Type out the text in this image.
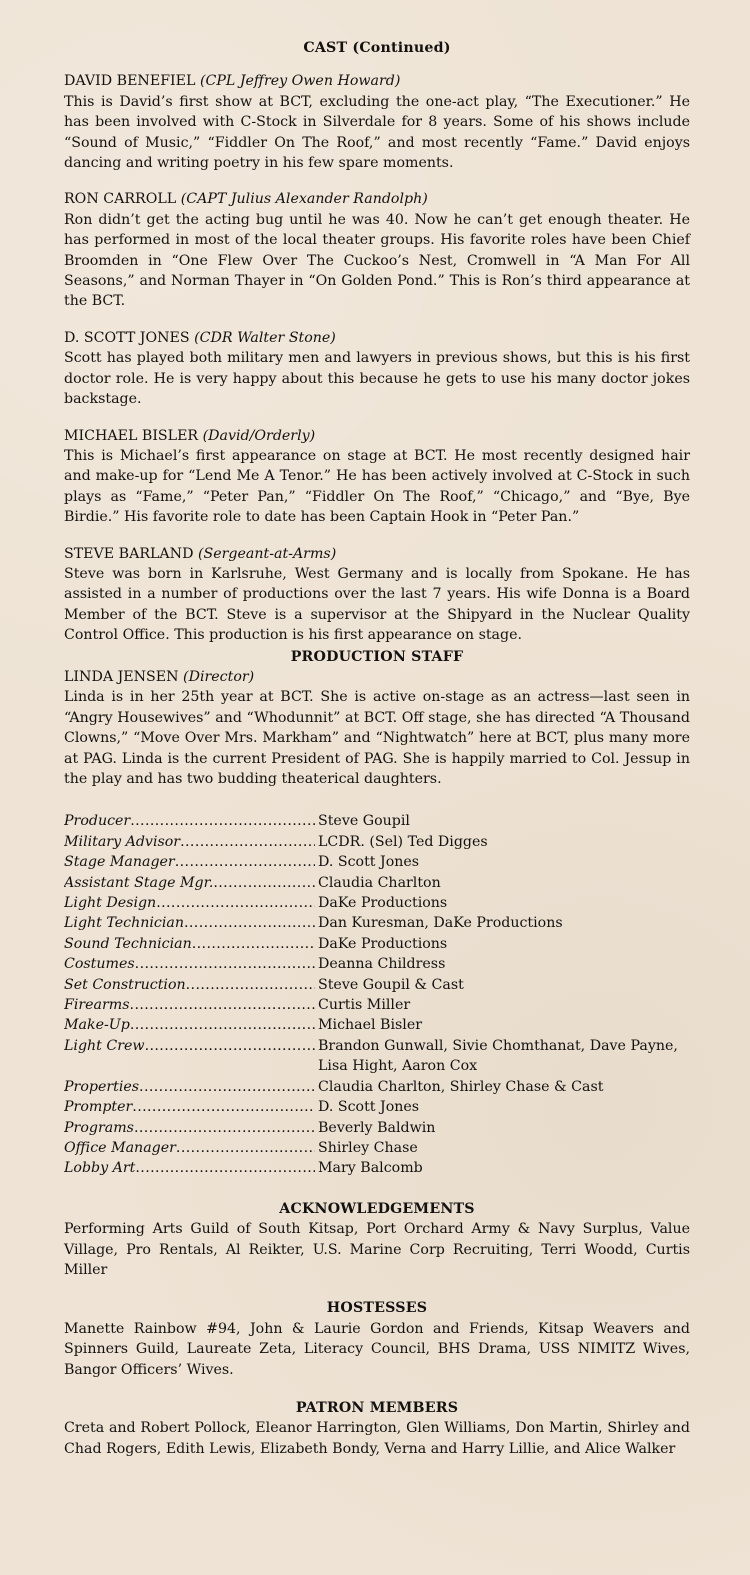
CAST (Continued)
DAVID BENEFIEL (CPL Jeffrey Owen Howard)
This is David’s first show at BCT, excluding the one-act play, “The Executioner.” He has been involved with C-Stock in Silverdale for 8 years. Some of his shows include “Sound of Music,” “Fiddler On The Roof,” and most recently “Fame.” David enjoys dancing and writing poetry in his few spare moments.
RON CARROLL (CAPT Julius Alexander Randolph)
Ron didn’t get the acting bug until he was 40. Now he can’t get enough theater. He has performed in most of the local theater groups. His favorite roles have been Chief Broomden in “One Flew Over The Cuckoo’s Nest, Cromwell in “A Man For All Seasons,” and Norman Thayer in “On Golden Pond.” This is Ron’s third appearance at the BCT.
D. SCOTT JONES (CDR Walter Stone)
Scott has played both military men and lawyers in previous shows, but this is his first doctor role. He is very happy about this because he gets to use his many doctor jokes backstage.
MICHAEL BISLER (David/Orderly)
This is Michael’s first appearance on stage at BCT. He most recently designed hair and make-up for “Lend Me A Tenor.” He has been actively involved at C-Stock in such plays as “Fame,” “Peter Pan,” “Fiddler On The Roof,” “Chicago,” and “Bye, Bye Birdie.” His favorite role to date has been Captain Hook in “Peter Pan.”
STEVE BARLAND (Sergeant-at-Arms)
Steve was born in Karlsruhe, West Germany and is locally from Spokane. He has assisted in a number of productions over the last 7 years. His wife Donna is a Board Member of the BCT. Steve is a supervisor at the Shipyard in the Nuclear Quality Control Office. This production is his first appearance on stage.
PRODUCTION STAFF
LINDA JENSEN (Director)
Linda is in her 25th year at BCT. She is active on-stage as an actress—last seen in “Angry Housewives” and “Whodunnit” at BCT. Off stage, she has directed “A Thousand Clowns,” “Move Over Mrs. Markham” and “Nightwatch” here at BCT, plus many more at PAG. Linda is the current President of PAG. She is happily married to Col. Jessup in the play and has two budding theaterical daughters.
Producer .....	Steve Goupil
Military Advisor .....	LCDR. (Sel) Ted Digges
Stage Manager .....	D. Scott Jones
Assistant Stage Mgr. .....	Claudia Charlton
Light Design .....	DaKe Productions
Light Technician .....	Dan Kuresman, DaKe Productions
Sound Technician .....	DaKe Productions
Costumes .....	Deanna Childress
Set Construction .....	Steve Goupil & Cast
Firearms .....	Curtis Miller
Make-Up .....	Michael Bisler
Light Crew .....	Brandon Gunwall, Sivie Chomthanat, Dave Payne, Lisa Hight, Aaron Cox
Properties .....	Claudia Charlton, Shirley Chase & Cast
Prompter .....	D. Scott Jones
Programs .....	Beverly Baldwin
Office Manager .....	Shirley Chase
Lobby Art .....	Mary Balcomb
ACKNOWLEDGEMENTS

Performing Arts Guild of South Kitsap, Port Orchard Army & Navy Surplus, Value Village, Pro Rentals, Al Reikter, U.S. Marine Corp Recruiting, Terri Woodd, Curtis Miller

HOSTESSES

Manette Rainbow #94, John & Laurie Gordon and Friends, Kitsap Weavers and Spinners Guild, Laureate Zeta, Literacy Council, BHS Drama, USS NIMITZ Wives, Bangor Officers’ Wives.

PATRON MEMBERS

Creta and Robert Pollock, Eleanor Harrington, Glen Williams, Don Martin, Shirley and Chad Rogers, Edith Lewis, Elizabeth Bondy, Verna and Harry Lillie, and Alice Walker
